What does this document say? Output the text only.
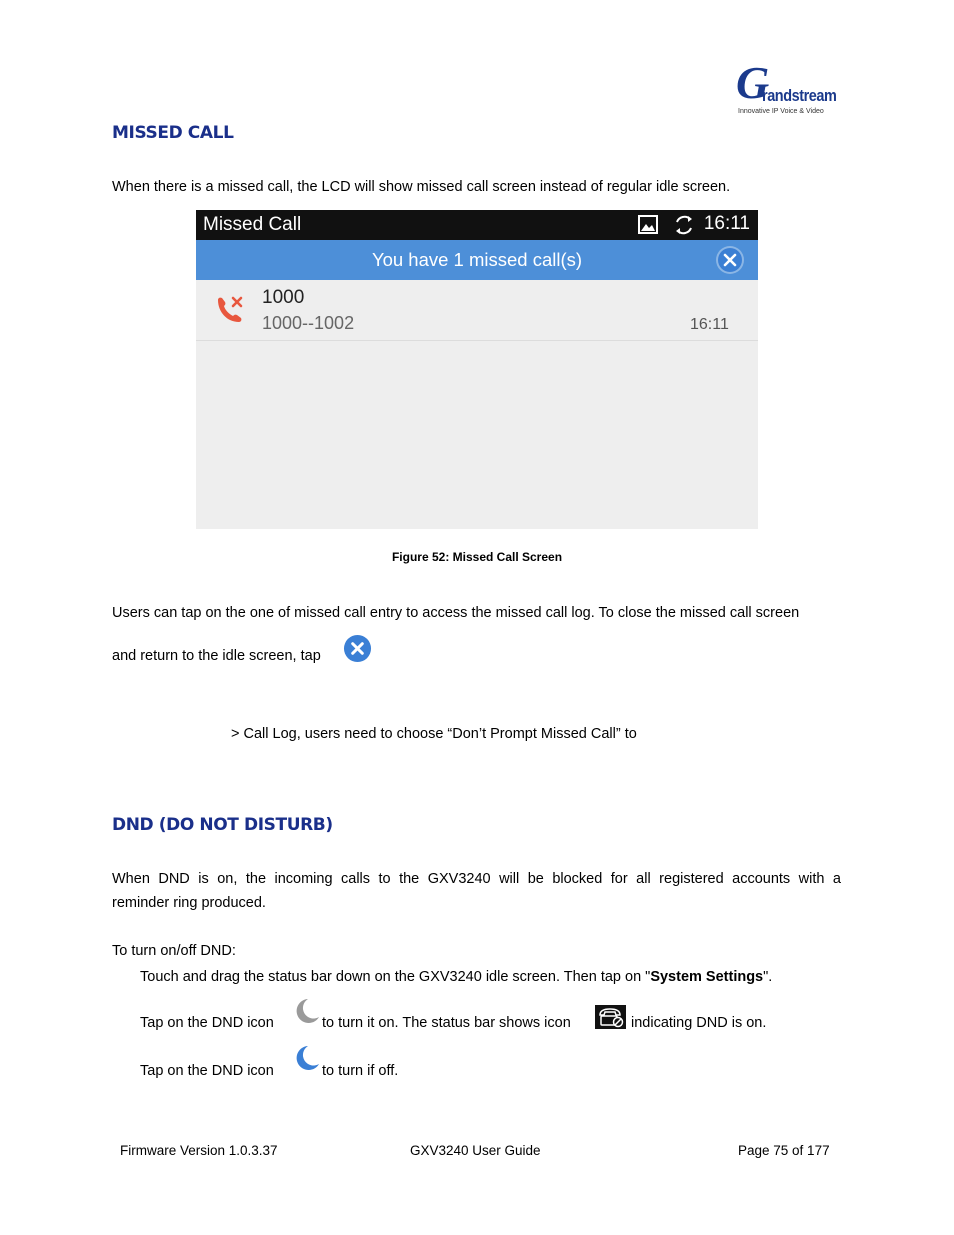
G
randstream
Innovative IP Voice & Video
MISSED CALL
When there is a missed call, the LCD will show missed call screen instead of regular idle screen.
Missed Call	16:11
You have 1 missed call(s)
1000
1000--1002	16:11
Figure 52: Missed Call Screen
Users can tap on the one of missed call entry to access the missed call log. To close the missed call screen
and return to the idle screen, tap
> Call Log, users need to choose “Don’t Prompt Missed Call” to
DND (DO NOT DISTURB)
When DND is on, the incoming calls to the GXV3240 will be blocked for all registered accounts with a
reminder ring produced.
To turn on/off DND:
Touch and drag the status bar down on the GXV3240 idle screen. Then tap on "System Settings".
Tap on the DND icon	to turn it on. The status bar shows icon	indicating DND is on.
Tap on the DND icon	to turn if off.
Firmware Version 1.0.3.37	GXV3240 User Guide	Page 75 of 177
